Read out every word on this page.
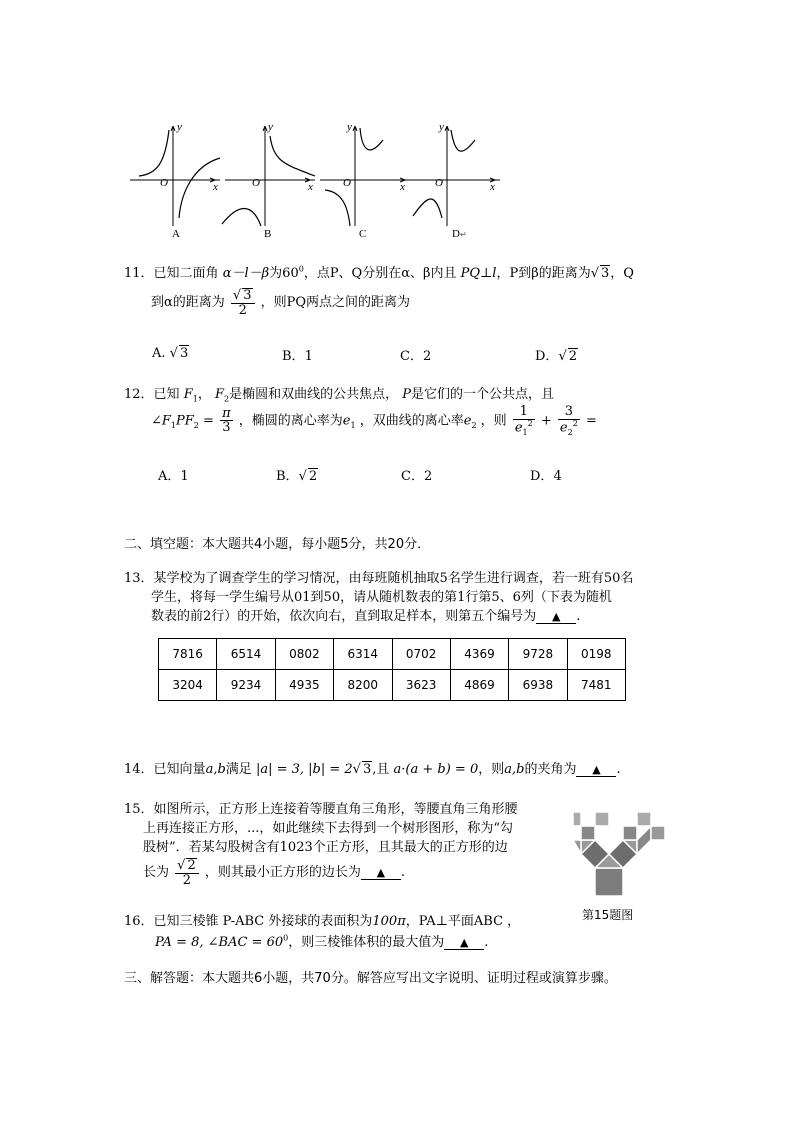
O
y
x	O
y
x	O
y
x	O
y
x
A	B	C	D↵
11．已知二面角 α－l－β为$60^0$，点P、Q分别在α、β内且 PQ⊥l，P到β的距离为√ 3，Q
到α的距离为 $\frac{√ 3}{2}$ ，则PQ两点之间的距离为
A. √ 3	B．1	C．2	D．√ 2
12．已知 $F_1$， $F_2$是椭圆和双曲线的公共焦点， P是它们的一个公共点，且
$\angle F_1PF_2 = \frac{\pi}{3}$ ，椭圆的离心率为$e_1$ ，双曲线的离心率$e_2$ ，则 $\frac{1}{e_1^2} + \frac{3}{e_2^2}$ =
A．1	B．√ 2	C．2	D．4
二、填空题：本大题共4小题，每小题5分，共20分．
13．某学校为了调查学生的学习情况，由每班随机抽取5名学生进行调查，若一班有50名
学生，将每一学生编号从01到50，请从随机数表的第1行第5、6列（下表为随机
数表的前2行）的开始，依次向右，直到取足样本，则第五个编号为 ▲ .
7816	6514	0802	6314	0702	4369	9728	0198
3204	9234	4935	8200	3623	4869	6938	7481
14．已知向量a,b满足 |a| = 3, |b| = 2√ 3,且 a·(a + b) = 0，则a,b的夹角为 ▲ .
15．如图所示，正方形上连接着等腰直角三角形，等腰直角三角形腰
上再连接正方形，...，如此继续下去得到一个树形图形，称为“勾
股树”．若某勾股树含有1023个正方形，且其最大的正方形的边
长为 $\frac{√ 2}{2}$ ，则其最小正方形的边长为 ▲ .
第15题图
16．已知三棱锥 P-ABC 外接球的表面积为100π，PA⊥平面ABC ，
PA = 8, ∠BAC = $60^0$，则三棱锥体积的最大值为 ▲ .
三、解答题：本大题共6小题，共70分。解答应写出文字说明、证明过程或演算步骤。
